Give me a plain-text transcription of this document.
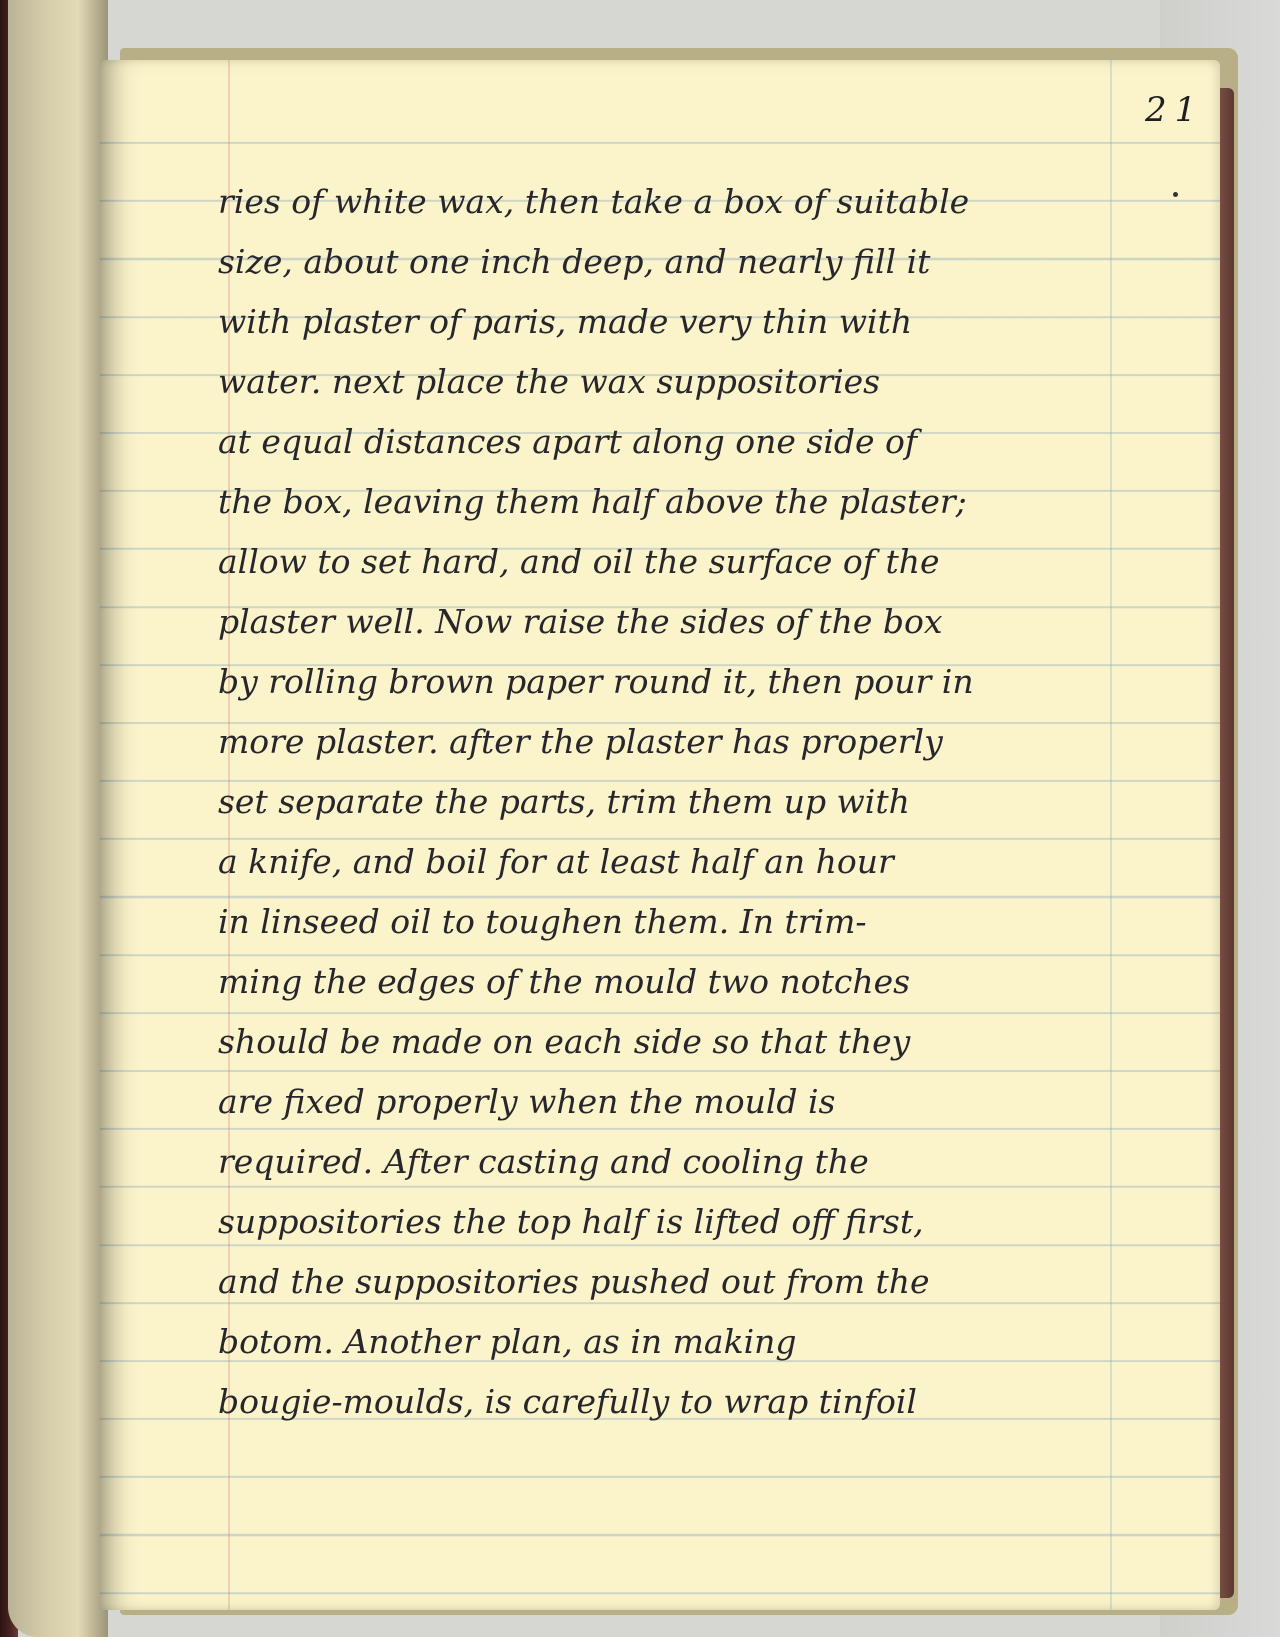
21
ries of white wax, then take a box of suitable
size, about one inch deep, and nearly fill it
with plaster of paris, made very thin with
water. next place the wax suppositories
at equal distances apart along one side of
the box, leaving them half above the plaster;
allow to set hard, and oil the surface of the
plaster well. Now raise the sides of the box
by rolling brown paper round it, then pour in
more plaster. after the plaster has properly
set separate the parts, trim them up with
a knife, and boil for at least half an hour
in linseed oil to toughen them. In trim-
ming the edges of the mould two notches
should be made on each side so that they
are fixed properly when the mould is
required. After casting and cooling the
suppositories the top half is lifted off first,
and the suppositories pushed out from the
botom. Another plan, as in making
bougie-moulds, is carefully to wrap tinfoil
